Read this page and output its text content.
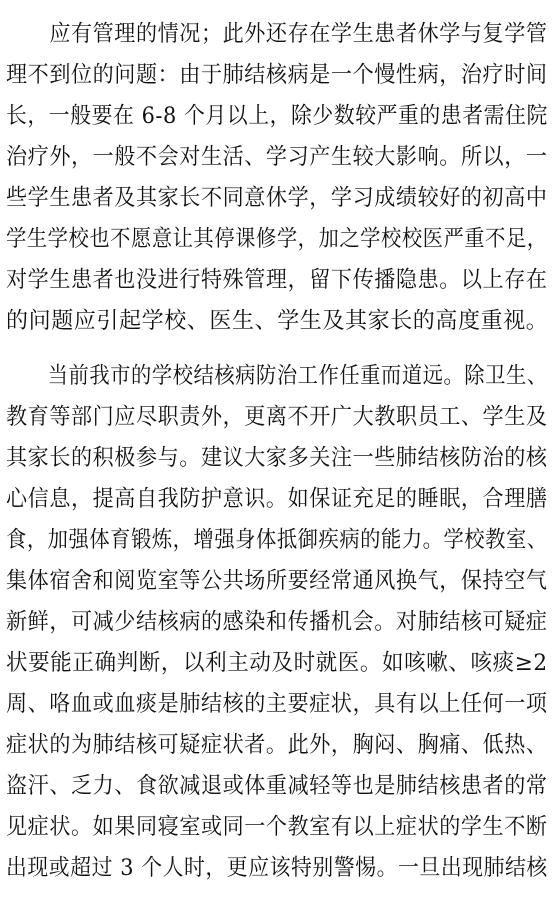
　　应有管理的情况；此外还存在学生患者休学与复学管
理不到位的问题：由于肺结核病是一个慢性病，治疗时间
长，一般要在 6-8 个月以上，除少数较严重的患者需住院
治疗外，一般不会对生活、学习产生较大影响。所以，一
些学生患者及其家长不同意休学，学习成绩较好的初高中
学生学校也不愿意让其停课修学，加之学校校医严重不足，
对学生患者也没进行特殊管理，留下传播隐患。以上存在
的问题应引起学校、医生、学生及其家长的高度重视。
　　当前我市的学校结核病防治工作任重而道远。除卫生、
教育等部门应尽职责外，更离不开广大教职员工、学生及
其家长的积极参与。建议大家多关注一些肺结核防治的核
心信息，提高自我防护意识。如保证充足的睡眠，合理膳
食，加强体育锻炼，增强身体抵御疾病的能力。学校教室、
集体宿舍和阅览室等公共场所要经常通风换气，保持空气
新鲜，可减少结核病的感染和传播机会。对肺结核可疑症
状要能正确判断，以利主动及时就医。如咳嗽、咳痰≥2
周、咯血或血痰是肺结核的主要症状，具有以上任何一项
症状的为肺结核可疑症状者。此外，胸闷、胸痛、低热、
盗汗、乏力、食欲减退或体重减轻等也是肺结核患者的常
见症状。如果同寝室或同一个教室有以上症状的学生不断
出现或超过 3 个人时，更应该特别警惕。一旦出现肺结核
